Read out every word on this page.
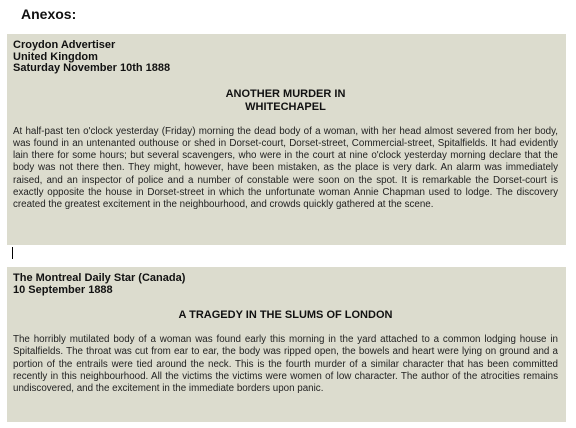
Anexos:
Croydon Advertiser
United Kingdom
Saturday November 10th 1888
ANOTHER MURDER IN
WHITECHAPEL

At half-past ten o'clock yesterday (Friday) morning the dead body of a woman, with her head almost severed from her body, was found in an untenanted outhouse or shed in Dorset-court, Dorset-street, Commercial-street, Spitalfields. It had evidently lain there for some hours; but several scavengers, who were in the court at nine o'clock yesterday morning declare that the body was not there then. They might, however, have been mistaken, as the place is very dark. An alarm was immediately raised, and an inspector of police and a number of constable were soon on the spot. It is remarkable the Dorset-court is exactly opposite the house in Dorset-street in which the unfortunate woman Annie Chapman used to lodge. The discovery created the greatest excitement in the neighbourhood, and crowds quickly gathered at the scene.

The Montreal Daily Star (Canada)
10 September 1888
A TRAGEDY IN THE SLUMS OF LONDON

The horribly mutilated body of a woman was found early this morning in the yard attached to a common lodging house in Spitalfields. The throat was cut from ear to ear, the body was ripped open, the bowels and heart were lying on ground and a portion of the entrails were tied around the neck. This is the fourth murder of a similar character that has been committed recently in this neighbourhood. All the victims the victims were women of low character. The author of the atrocities remains undiscovered, and the excitement in the immediate borders upon panic.
